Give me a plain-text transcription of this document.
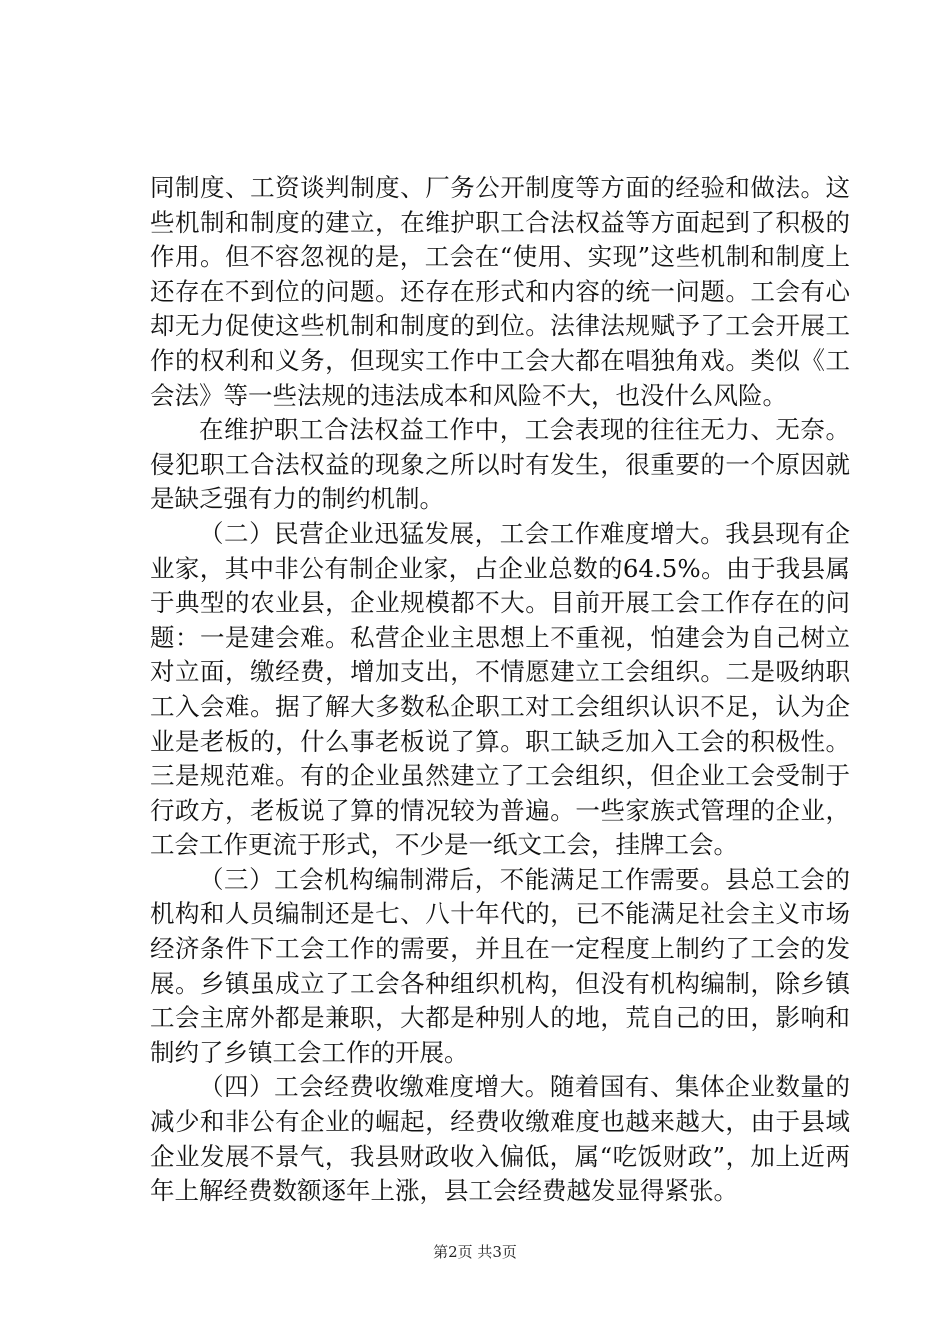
同制度、工资谈判制度、厂务公开制度等方面的经验和做法。这些机制和制度的建立，在维护职工合法权益等方面起到了积极的作用。但不容忽视的是，工会在“使用、实现”这些机制和制度上还存在不到位的问题。还存在形式和内容的统一问题。工会有心却无力促使这些机制和制度的到位。法律法规赋予了工会开展工作的权利和义务，但现实工作中工会大都在唱独角戏。类似《工会法》等一些法规的违法成本和风险不大，也没什么风险。

在维护职工合法权益工作中，工会表现的往往无力、无奈。侵犯职工合法权益的现象之所以时有发生，很重要的一个原因就是缺乏强有力的制约机制。

（二）民营企业迅猛发展，工会工作难度增大。我县现有企业家，其中非公有制企业家，占企业总数的64.5%。由于我县属于典型的农业县，企业规模都不大。目前开展工会工作存在的问题：一是建会难。私营企业主思想上不重视，怕建会为自己树立对立面，缴经费，增加支出，不情愿建立工会组织。二是吸纳职工入会难。据了解大多数私企职工对工会组织认识不足，认为企业是老板的，什么事老板说了算。职工缺乏加入工会的积极性。三是规范难。有的企业虽然建立了工会组织，但企业工会受制于行政方，老板说了算的情况较为普遍。一些家族式管理的企业，工会工作更流于形式，不少是一纸文工会，挂牌工会。

（三）工会机构编制滞后，不能满足工作需要。县总工会的机构和人员编制还是七、八十年代的，已不能满足社会主义市场经济条件下工会工作的需要，并且在一定程度上制约了工会的发展。乡镇虽成立了工会各种组织机构，但没有机构编制，除乡镇工会主席外都是兼职，大都是种别人的地，荒自己的田，影响和制约了乡镇工会工作的开展。

（四）工会经费收缴难度增大。随着国有、集体企业数量的减少和非公有企业的崛起，经费收缴难度也越来越大，由于县域企业发展不景气，我县财政收入偏低，属“吃饭财政”，加上近两年上解经费数额逐年上涨，县工会经费越发显得紧张。

第2页 共3页
